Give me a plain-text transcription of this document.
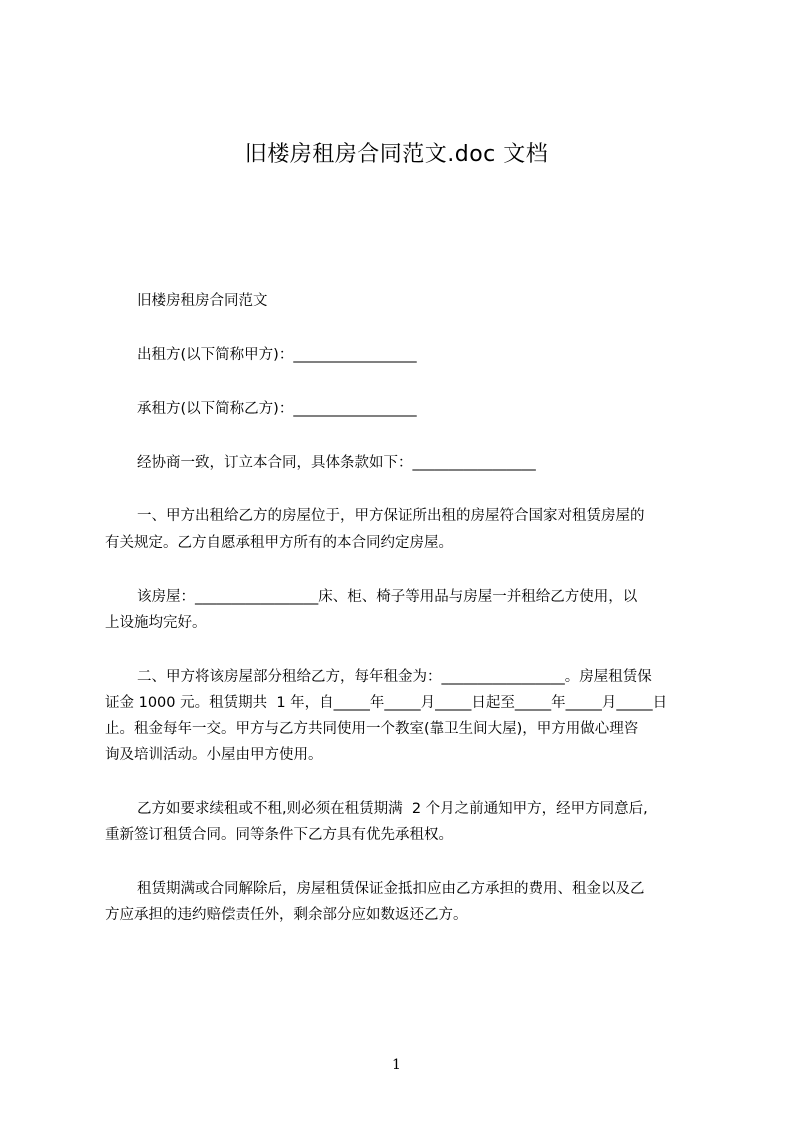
旧楼房租房合同范文.doc 文档
旧楼房租房合同范文
出租方(以下简称甲方)：_________________
承租方(以下简称乙方)：_________________
经协商一致，订立本合同，具体条款如下：_________________
一、甲方出租给乙方的房屋位于，甲方保证所出租的房屋符合国家对租赁房屋的
有关规定。乙方自愿承租甲方所有的本合同约定房屋。
该房屋：_________________床、柜、椅子等用品与房屋一并租给乙方使用，以
上设施均完好。
二、甲方将该房屋部分租给乙方，每年租金为：_________________。房屋租赁保
证金 1000 元。租赁期共  1 年，自_____年_____月_____日起至_____年_____月_____日
止。租金每年一交。甲方与乙方共同使用一个教室(靠卫生间大屋)，甲方用做心理咨
询及培训活动。小屋由甲方使用。
乙方如要求续租或不租,则必须在租赁期满  2 个月之前通知甲方，经甲方同意后,
重新签订租赁合同。同等条件下乙方具有优先承租权。
租赁期满或合同解除后，房屋租赁保证金抵扣应由乙方承担的费用、租金以及乙
方应承担的违约赔偿责任外，剩余部分应如数返还乙方。
1
